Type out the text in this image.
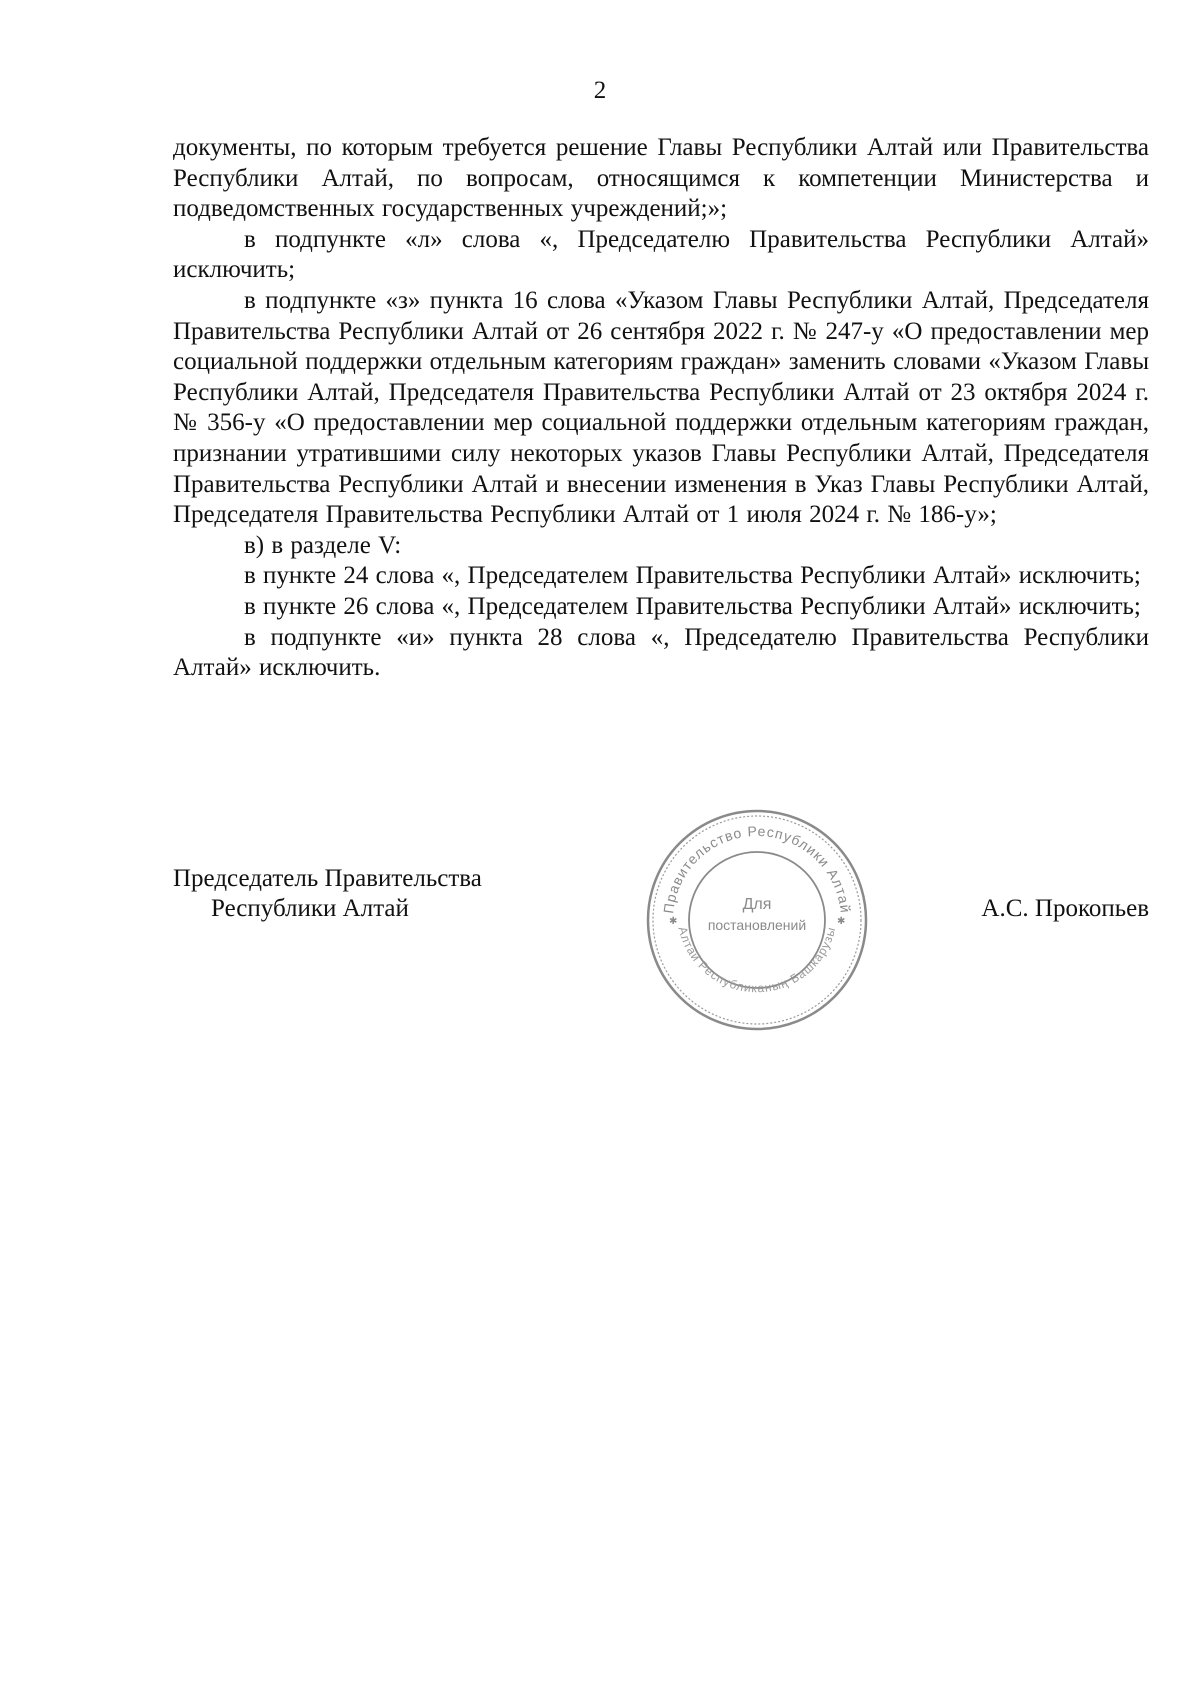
2

документы, по которым требуется решение Главы Республики Алтай или Правительства Республики Алтай, по вопросам, относящимся к компетенции Министерства и подведомственных государственных учреждений;»;

в подпункте «л» слова «, Председателю Правительства Республики Алтай» исключить;

в подпункте «з» пункта 16 слова «Указом Главы Республики Алтай, Председателя Правительства Республики Алтай от 26 сентября 2022 г. № 247-у «О предоставлении мер социальной поддержки отдельным категориям граждан» заменить словами «Указом Главы Республики Алтай, Председателя Правительства Республики Алтай от 23 октября 2024 г. № 356-у «О предоставлении мер социальной поддержки отдельным категориям граждан, признании утратившими силу некоторых указов Главы Республики Алтай, Председателя Правительства Республики Алтай и внесении изменения в Указ Главы Республики Алтай, Председателя Правительства Республики Алтай от 1 июля 2024 г. № 186-у»;

в) в разделе V:

в пункте 24 слова «, Председателем Правительства Республики Алтай» исключить;

в пункте 26 слова «, Председателем Правительства Республики Алтай» исключить;

в подпункте «и» пункта 28 слова «, Председателю Правительства Республики Алтай» исключить.

Председатель Правительства
Республики Алтай	Правительство Республики Алтай
Алтай Республиканың Башкарузы
✱	✱
Для
постановлений
А.С. Прокопьев
